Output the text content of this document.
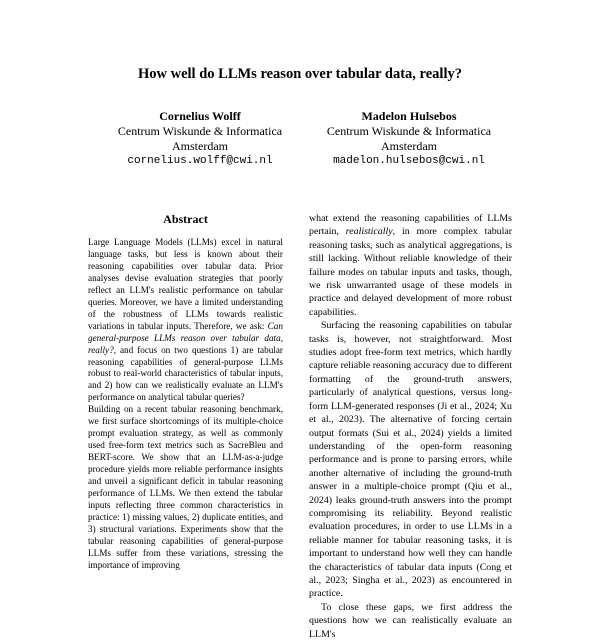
How well do LLMs reason over tabular data, really?
Cornelius Wolff
Centrum Wiskunde & Informatica
Amsterdam
cornelius.wolff@cwi.nl
Madelon Hulsebos
Centrum Wiskunde & Informatica
Amsterdam
madelon.hulsebos@cwi.nl
Abstract

Large Language Models (LLMs) excel in natural language tasks, but less is known about their reasoning capabilities over tabular data. Prior analyses devise evaluation strategies that poorly reflect an LLM's realistic performance on tabular queries. Moreover, we have a limited understanding of the robustness of LLMs towards realistic variations in tabular inputs. Therefore, we ask: Can general-purpose LLMs reason over tabular data, really?, and focus on two questions 1) are tabular reasoning capabilities of general-purpose LLMs robust to real-world characteristics of tabular inputs, and 2) how can we realistically evaluate an LLM's performance on analytical tabular queries?

Building on a recent tabular reasoning benchmark, we first surface shortcomings of its multiple-choice prompt evaluation strategy, as well as commonly used free-form text metrics such as SacreBleu and BERT-score. We show that an LLM-as-a-judge procedure yields more reliable performance insights and unveil a significant deficit in tabular reasoning performance of LLMs. We then extend the tabular inputs reflecting three common characteristics in practice: 1) missing values, 2) duplicate entities, and 3) structural variations. Experiments show that the tabular reasoning capabilities of general-purpose LLMs suffer from these variations, stressing the importance of improving

what extend the reasoning capabilities of LLMs pertain, realistically, in more complex tabular reasoning tasks, such as analytical aggregations, is still lacking. Without reliable knowledge of their failure modes on tabular inputs and tasks, though, we risk unwarranted usage of these models in practice and delayed development of more robust capabilities.

Surfacing the reasoning capabilities on tabular tasks is, however, not straightforward. Most studies adopt free-form text metrics, which hardly capture reliable reasoning accuracy due to different formatting of the ground-truth answers, particularly of analytical questions, versus long-form LLM-generated responses (Ji et al., 2024; Xu et al., 2023). The alternative of forcing certain output formats (Sui et al., 2024) yields a limited understanding of the open-form reasoning performance and is prone to parsing errors, while another alternative of including the ground-truth answer in a multiple-choice prompt (Qiu et al., 2024) leaks ground-truth answers into the prompt compromising its reliability. Beyond realistic evaluation procedures, in order to use LLMs in a reliable manner for tabular reasoning tasks, it is important to understand how well they can handle the characteristics of tabular data inputs (Cong et al., 2023; Singha et al., 2023) as encountered in practice.

To close these gaps, we first address the questions how we can realistically evaluate an LLM's
